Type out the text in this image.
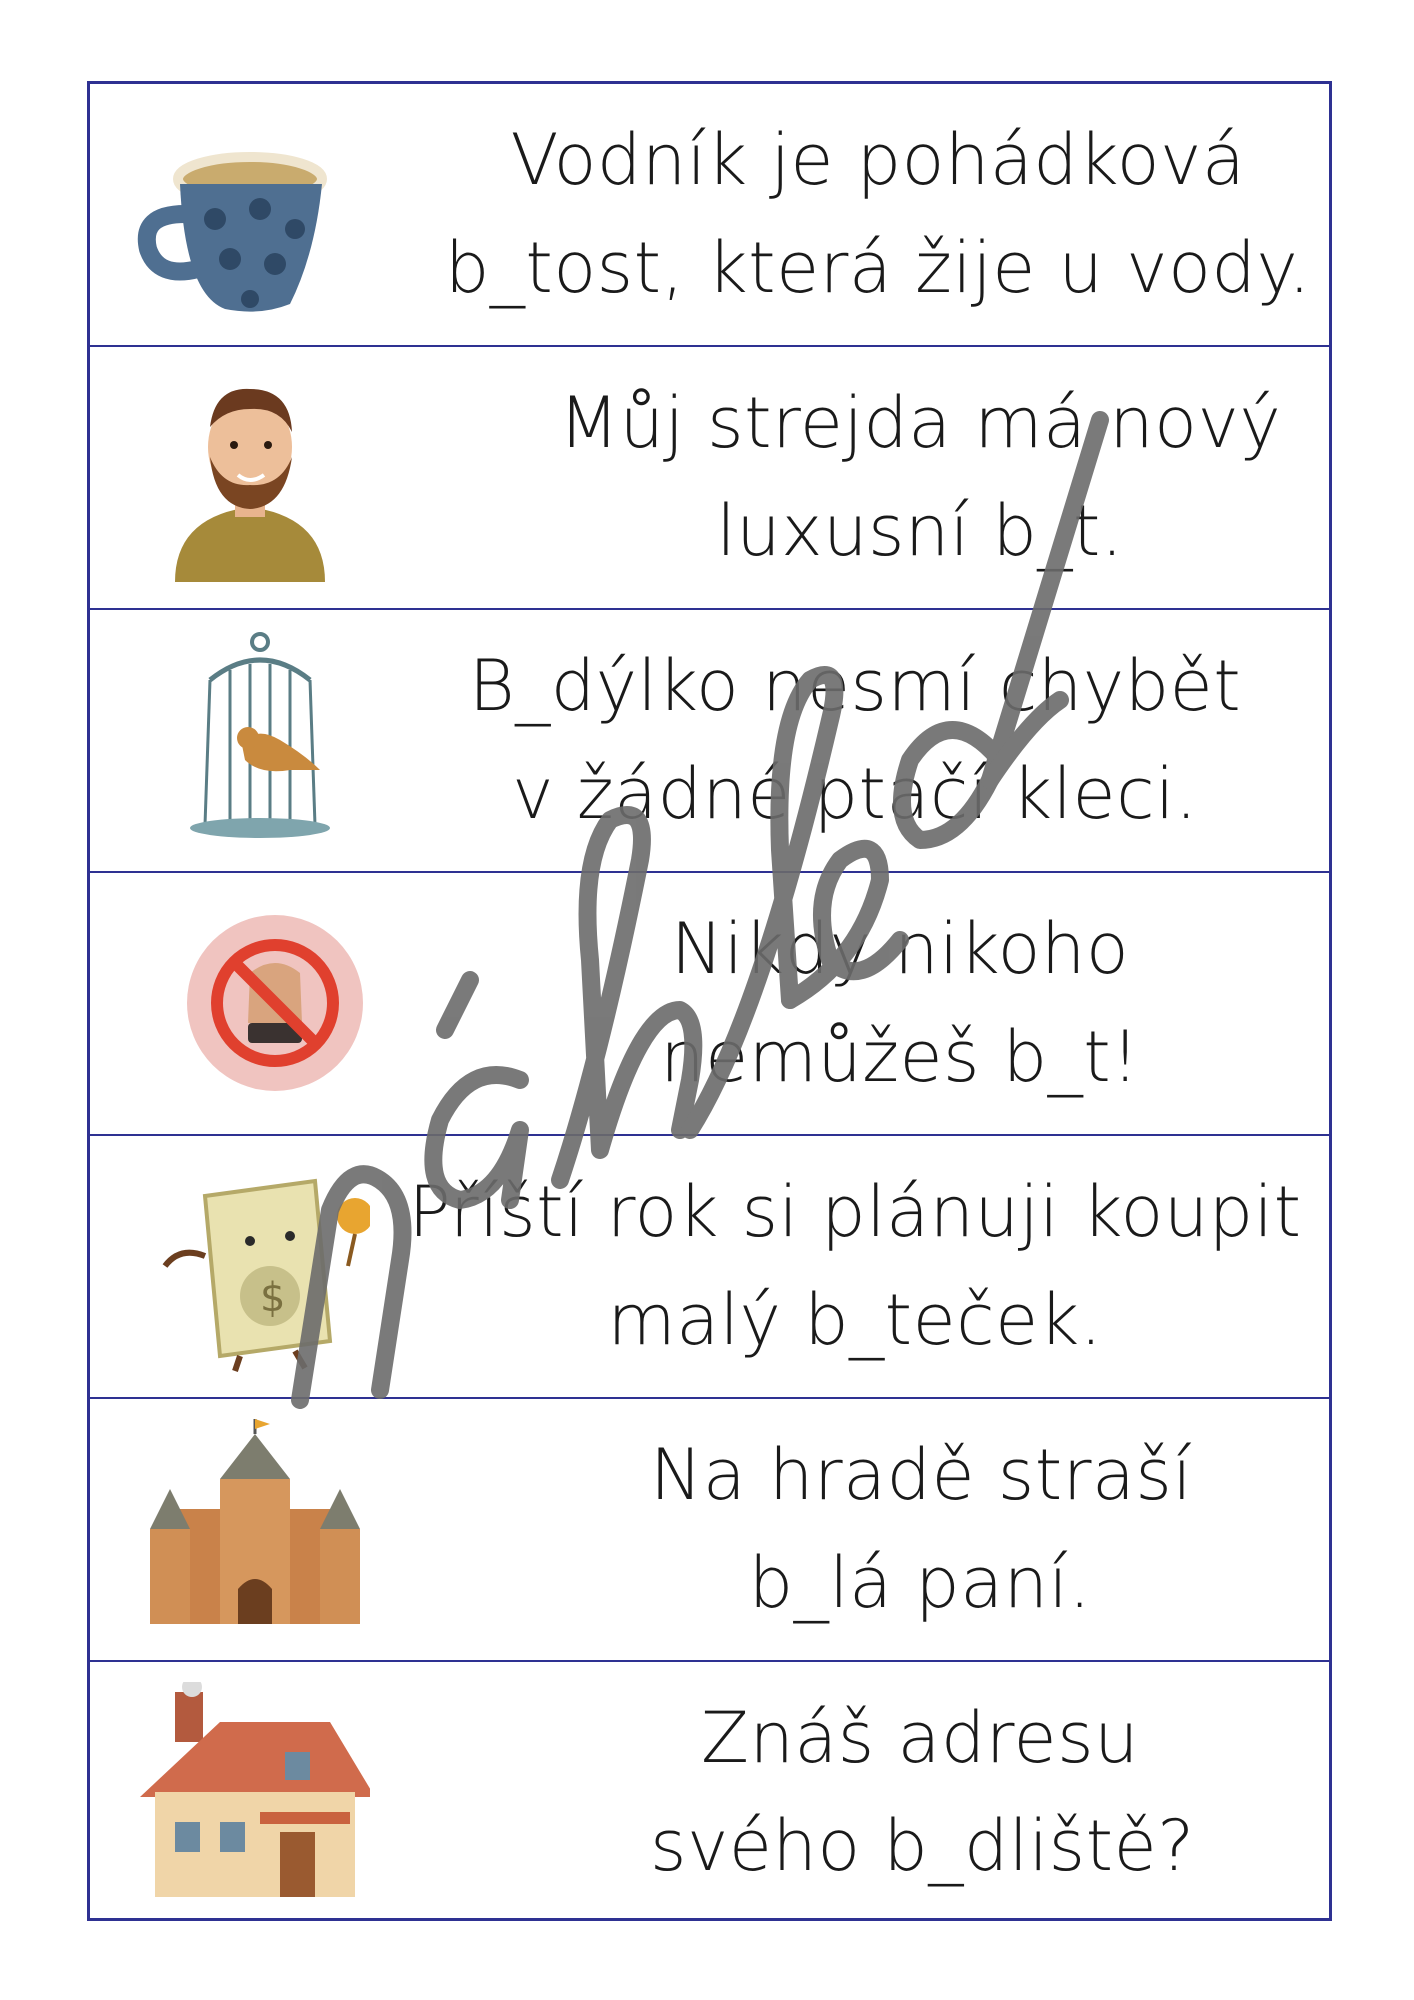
Vodník je pohádková
b_tost, která žije u vody.
Můj strejda má nový
luxusní b_t.
B_dýlko nesmí chybět
v žádné ptačí kleci.
Nikdy nikoho
nemůžeš b_t!
$
Příští rok si plánuji koupit
malý b_teček.
Na hradě straší
b_lá paní.
Znáš adresu
svého b_dliště?
